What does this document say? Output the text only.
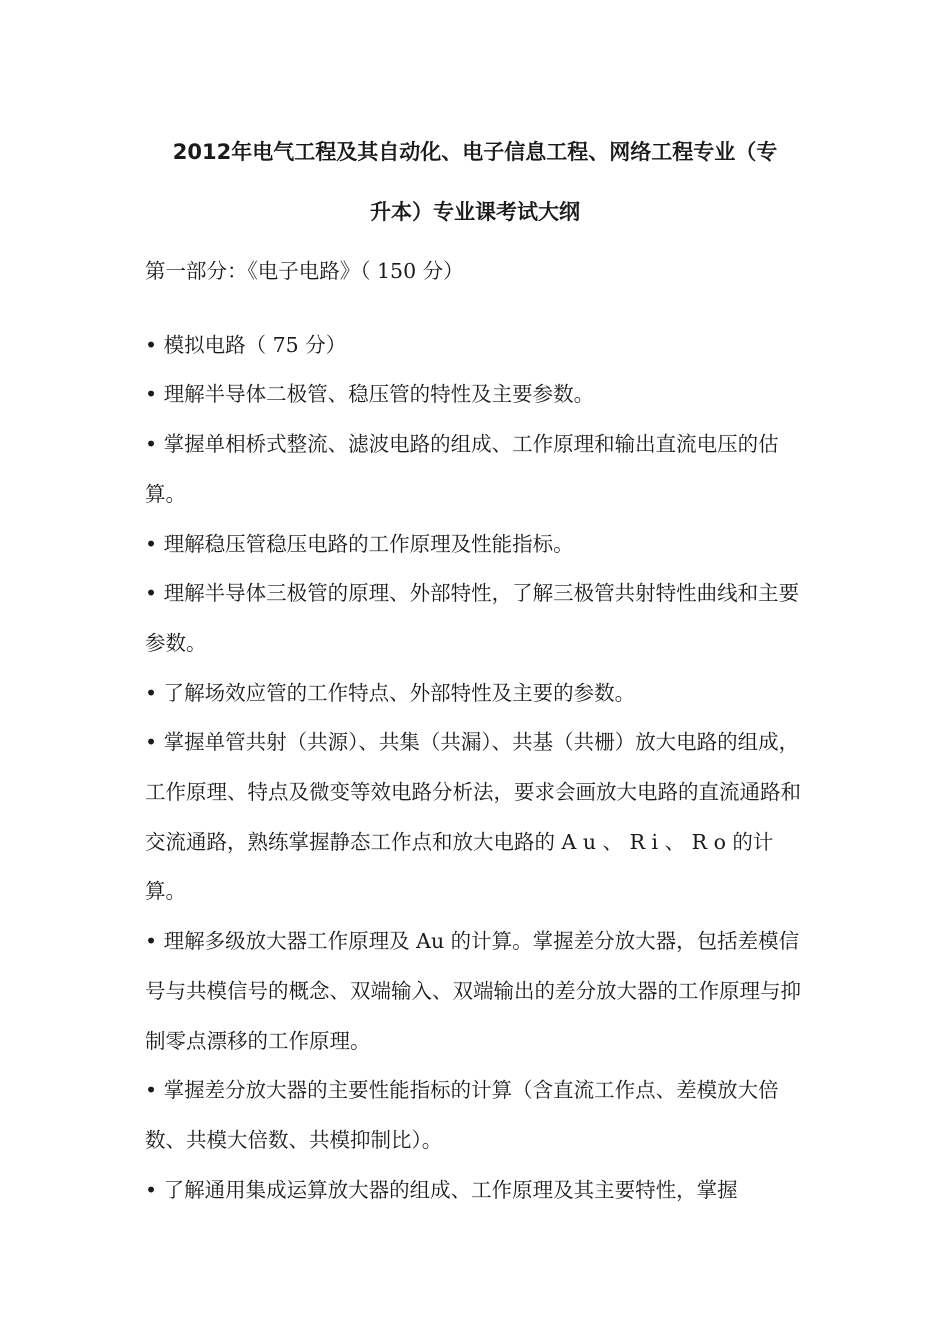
2012年电气工程及其自动化、电子信息工程、网络工程专业（专
升本）专业课考试大纲

第一部分：《电子电路》（ 150 分）

• 模拟电路（ 75 分）

• 理解半导体二极管、稳压管的特性及主要参数。

• 掌握单相桥式整流、滤波电路的组成、工作原理和输出直流电压的估算。

• 理解稳压管稳压电路的工作原理及性能指标。

• 理解半导体三极管的原理、外部特性，了解三极管共射特性曲线和主要参数。

• 了解场效应管的工作特点、外部特性及主要的参数。

• 掌握单管共射（共源）、共集（共漏）、共基（共栅）放大电路的组成， 工作原理、特点及微变等效电路分析法，要求会画放大电路的直流通路和交流通路，熟练掌握静态工作点和放大电路的 A u 、 R i 、 R o 的计算。

• 理解多级放大器工作原理及 Au 的计算。掌握差分放大器，包括差模信号与共模信号的概念、双端输入、双端输出的差分放大器的工作原理与抑制零点漂移的工作原理。

• 掌握差分放大器的主要性能指标的计算（含直流工作点、差模放大倍数、共模大倍数、共模抑制比）。

• 了解通用集成运算放大器的组成、工作原理及其主要特性，掌握
